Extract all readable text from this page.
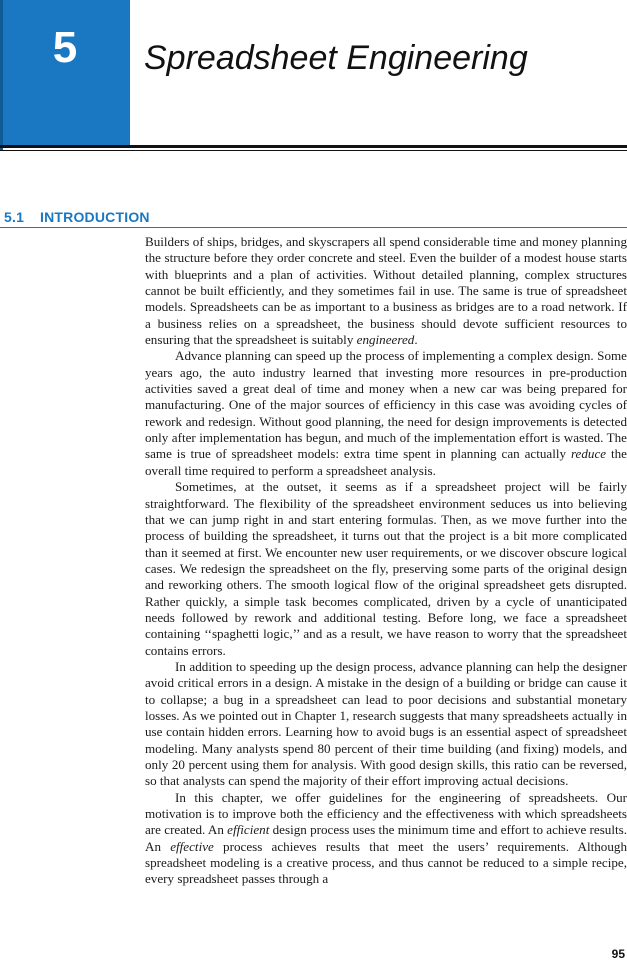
5	Spreadsheet Engineering
5.1 INTRODUCTION

Builders of ships, bridges, and skyscrapers all spend considerable time and money planning the structure before they order concrete and steel. Even the builder of a modest house starts with blueprints and a plan of activities. Without detailed planning, complex structures cannot be built efficiently, and they sometimes fail in use. The same is true of spreadsheet models. Spreadsheets can be as important to a business as bridges are to a road network. If a business relies on a spreadsheet, the business should devote sufficient resources to ensuring that the spreadsheet is suitably engineered.

Advance planning can speed up the process of implementing a complex design. Some years ago, the auto industry learned that investing more resources in pre-production activities saved a great deal of time and money when a new car was being prepared for manufacturing. One of the major sources of efficiency in this case was avoiding cycles of rework and redesign. Without good planning, the need for design improvements is detected only after implementation has begun, and much of the implementation effort is wasted. The same is true of spreadsheet models: extra time spent in planning can actually reduce the overall time required to perform a spreadsheet analysis.

Sometimes, at the outset, it seems as if a spreadsheet project will be fairly straightforward. The flexibility of the spreadsheet environment seduces us into believing that we can jump right in and start entering formulas. Then, as we move further into the process of building the spreadsheet, it turns out that the project is a bit more complicated than it seemed at first. We encounter new user requirements, or we discover obscure logical cases. We redesign the spreadsheet on the fly, preserving some parts of the original design and reworking others. The smooth logical flow of the original spreadsheet gets disrupted. Rather quickly, a simple task becomes complicated, driven by a cycle of unanticipated needs followed by rework and additional testing. Before long, we face a spreadsheet containing ‘‘spaghetti logic,’’ and as a result, we have reason to worry that the spreadsheet contains errors.

In addition to speeding up the design process, advance planning can help the designer avoid critical errors in a design. A mistake in the design of a building or bridge can cause it to collapse; a bug in a spreadsheet can lead to poor decisions and substantial monetary losses. As we pointed out in Chapter 1, research suggests that many spreadsheets actually in use contain hidden errors. Learning how to avoid bugs is an essential aspect of spreadsheet modeling. Many analysts spend 80 percent of their time building (and fixing) models, and only 20 percent using them for analysis. With good design skills, this ratio can be reversed, so that analysts can spend the majority of their effort improving actual decisions.

In this chapter, we offer guidelines for the engineering of spreadsheets. Our motivation is to improve both the efficiency and the effectiveness with which spreadsheets are created. An efficient design process uses the minimum time and effort to achieve results. An effective process achieves results that meet the users’ requirements. Although spreadsheet modeling is a creative process, and thus cannot be reduced to a simple recipe, every spreadsheet passes through a

95
